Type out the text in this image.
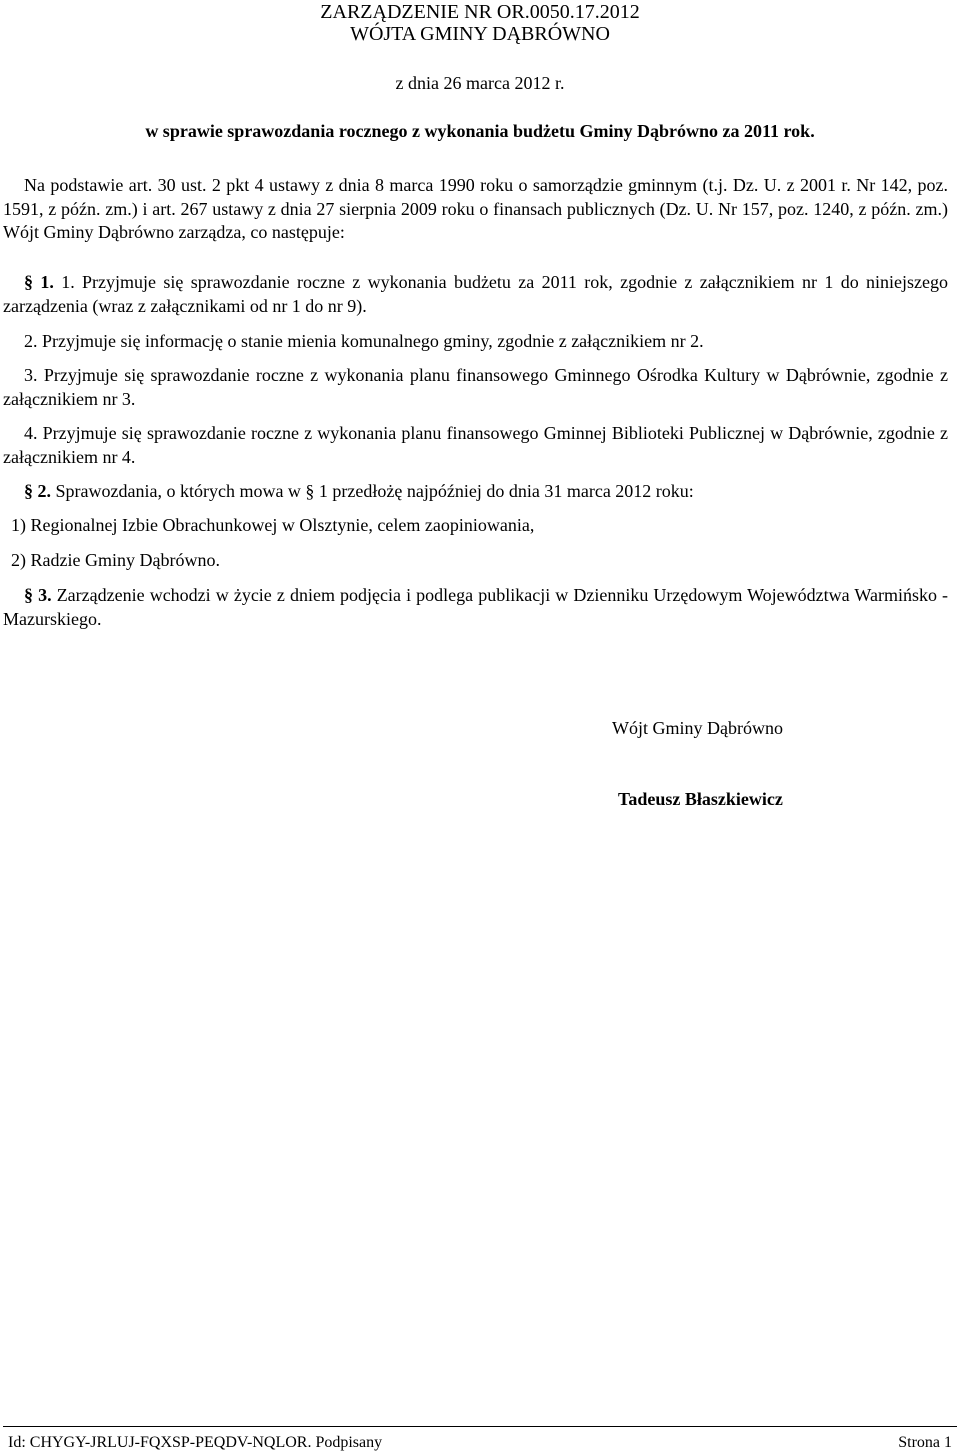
ZARZĄDZENIE NR OR.0050.17.2012
WÓJTA GMINY DĄBRÓWNO
z dnia 26 marca 2012 r.
w sprawie sprawozdania rocznego z wykonania budżetu Gminy Dąbrówno za 2011 rok.
Na podstawie art. 30 ust. 2 pkt 4 ustawy z dnia 8 marca 1990 roku o samorządzie gminnym (t.j. Dz. U. z 2001 r. Nr 142, poz. 1591, z późn. zm.) i art. 267 ustawy z dnia 27 sierpnia 2009 roku o finansach publicznych (Dz. U. Nr 157, poz. 1240, z późn. zm.) Wójt Gminy Dąbrówno zarządza, co następuje:
§ 1. 1. Przyjmuje się sprawozdanie roczne z wykonania budżetu za 2011 rok, zgodnie z załącznikiem nr 1 do niniejszego zarządzenia (wraz z załącznikami od nr 1 do nr 9).
2. Przyjmuje się informację o stanie mienia komunalnego gminy, zgodnie z załącznikiem nr 2.
3. Przyjmuje się sprawozdanie roczne z wykonania planu finansowego Gminnego Ośrodka Kultury w Dąbrównie, zgodnie z załącznikiem nr 3.
4. Przyjmuje się sprawozdanie roczne z wykonania planu finansowego Gminnej Biblioteki Publicznej w Dąbrównie, zgodnie z załącznikiem nr 4.
§ 2. Sprawozdania, o których mowa w § 1 przedłożę najpóźniej do dnia 31 marca 2012 roku:
1) Regionalnej Izbie Obrachunkowej w Olsztynie, celem zaopiniowania,
2) Radzie Gminy Dąbrówno.
§ 3. Zarządzenie wchodzi w życie z dniem podjęcia i podlega publikacji w Dzienniku Urzędowym Województwa Warmińsko - Mazurskiego.
Wójt Gminy Dąbrówno
Tadeusz Błaszkiewicz
Id: CHYGY-JRLUJ-FQXSP-PEQDV-NQLOR. Podpisany	Strona 1
